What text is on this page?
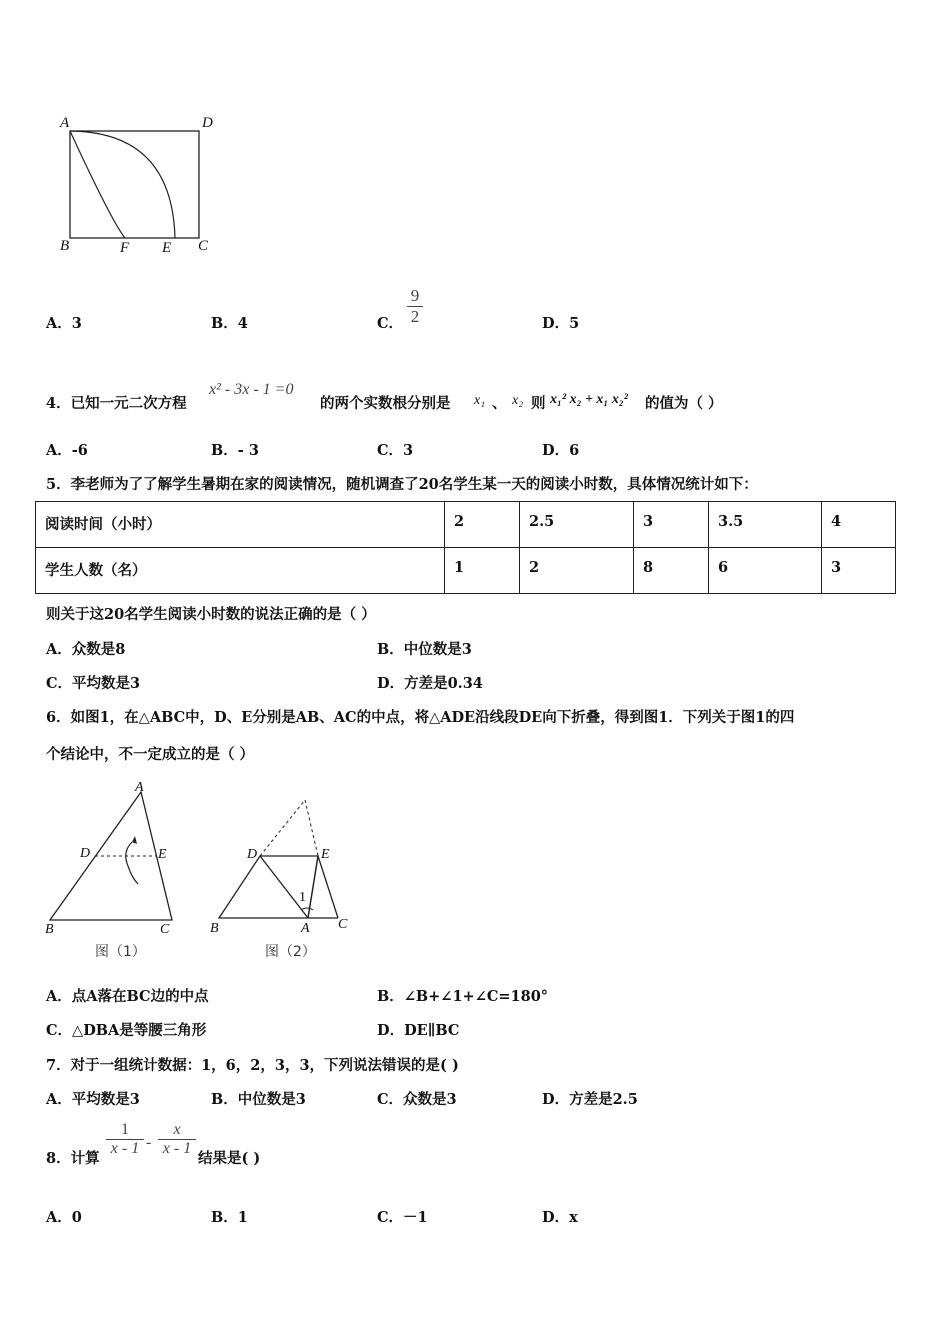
A	D
B	F E C
A．3	B．4	C． $\frac{9}{2}$	D．5
4．已知一元二次方程
x² - 3x - 1 =0
的两个实数根分别是 x₁ 、 x₂ 则 x₁² x₂ + x₁ x₂² 的值为（ ）
A．-6	B．- 3	C．3	D．6
5．李老师为了了解学生暑期在家的阅读情况，随机调查了20名学生某一天的阅读小时数，具体情况统计如下：
阅读时间（小时）	2	2.5	3	3.5	4
学生人数（名）	1	2	8	6	3
则关于这20名学生阅读小时数的说法正确的是（ ）
A．众数是8	B．中位数是3
C．平均数是3	D．方差是0.34
6．如图1，在△ABC中，D、E分别是AB、AC的中点，将△ADE沿线段DE向下折叠，得到图1．下列关于图1的四
个结论中，不一定成立的是（ ）
A
D	E
B	C
图（1）
D	E
1
B	A C
图（2）
A．点A落在BC边的中点	B．∠B+∠1+∠C=180°
C．△DBA是等腰三角形	D．DE∥BC
7．对于一组统计数据：1，6，2，3，3，下列说法错误的是( )
A．平均数是3	B．中位数是3	C．众数是3	D．方差是2.5
8．计算
$\frac{1}{x - 1} - \frac{x}{x - 1}$
结果是( )
A．0	B．1	C．－1	D．x
